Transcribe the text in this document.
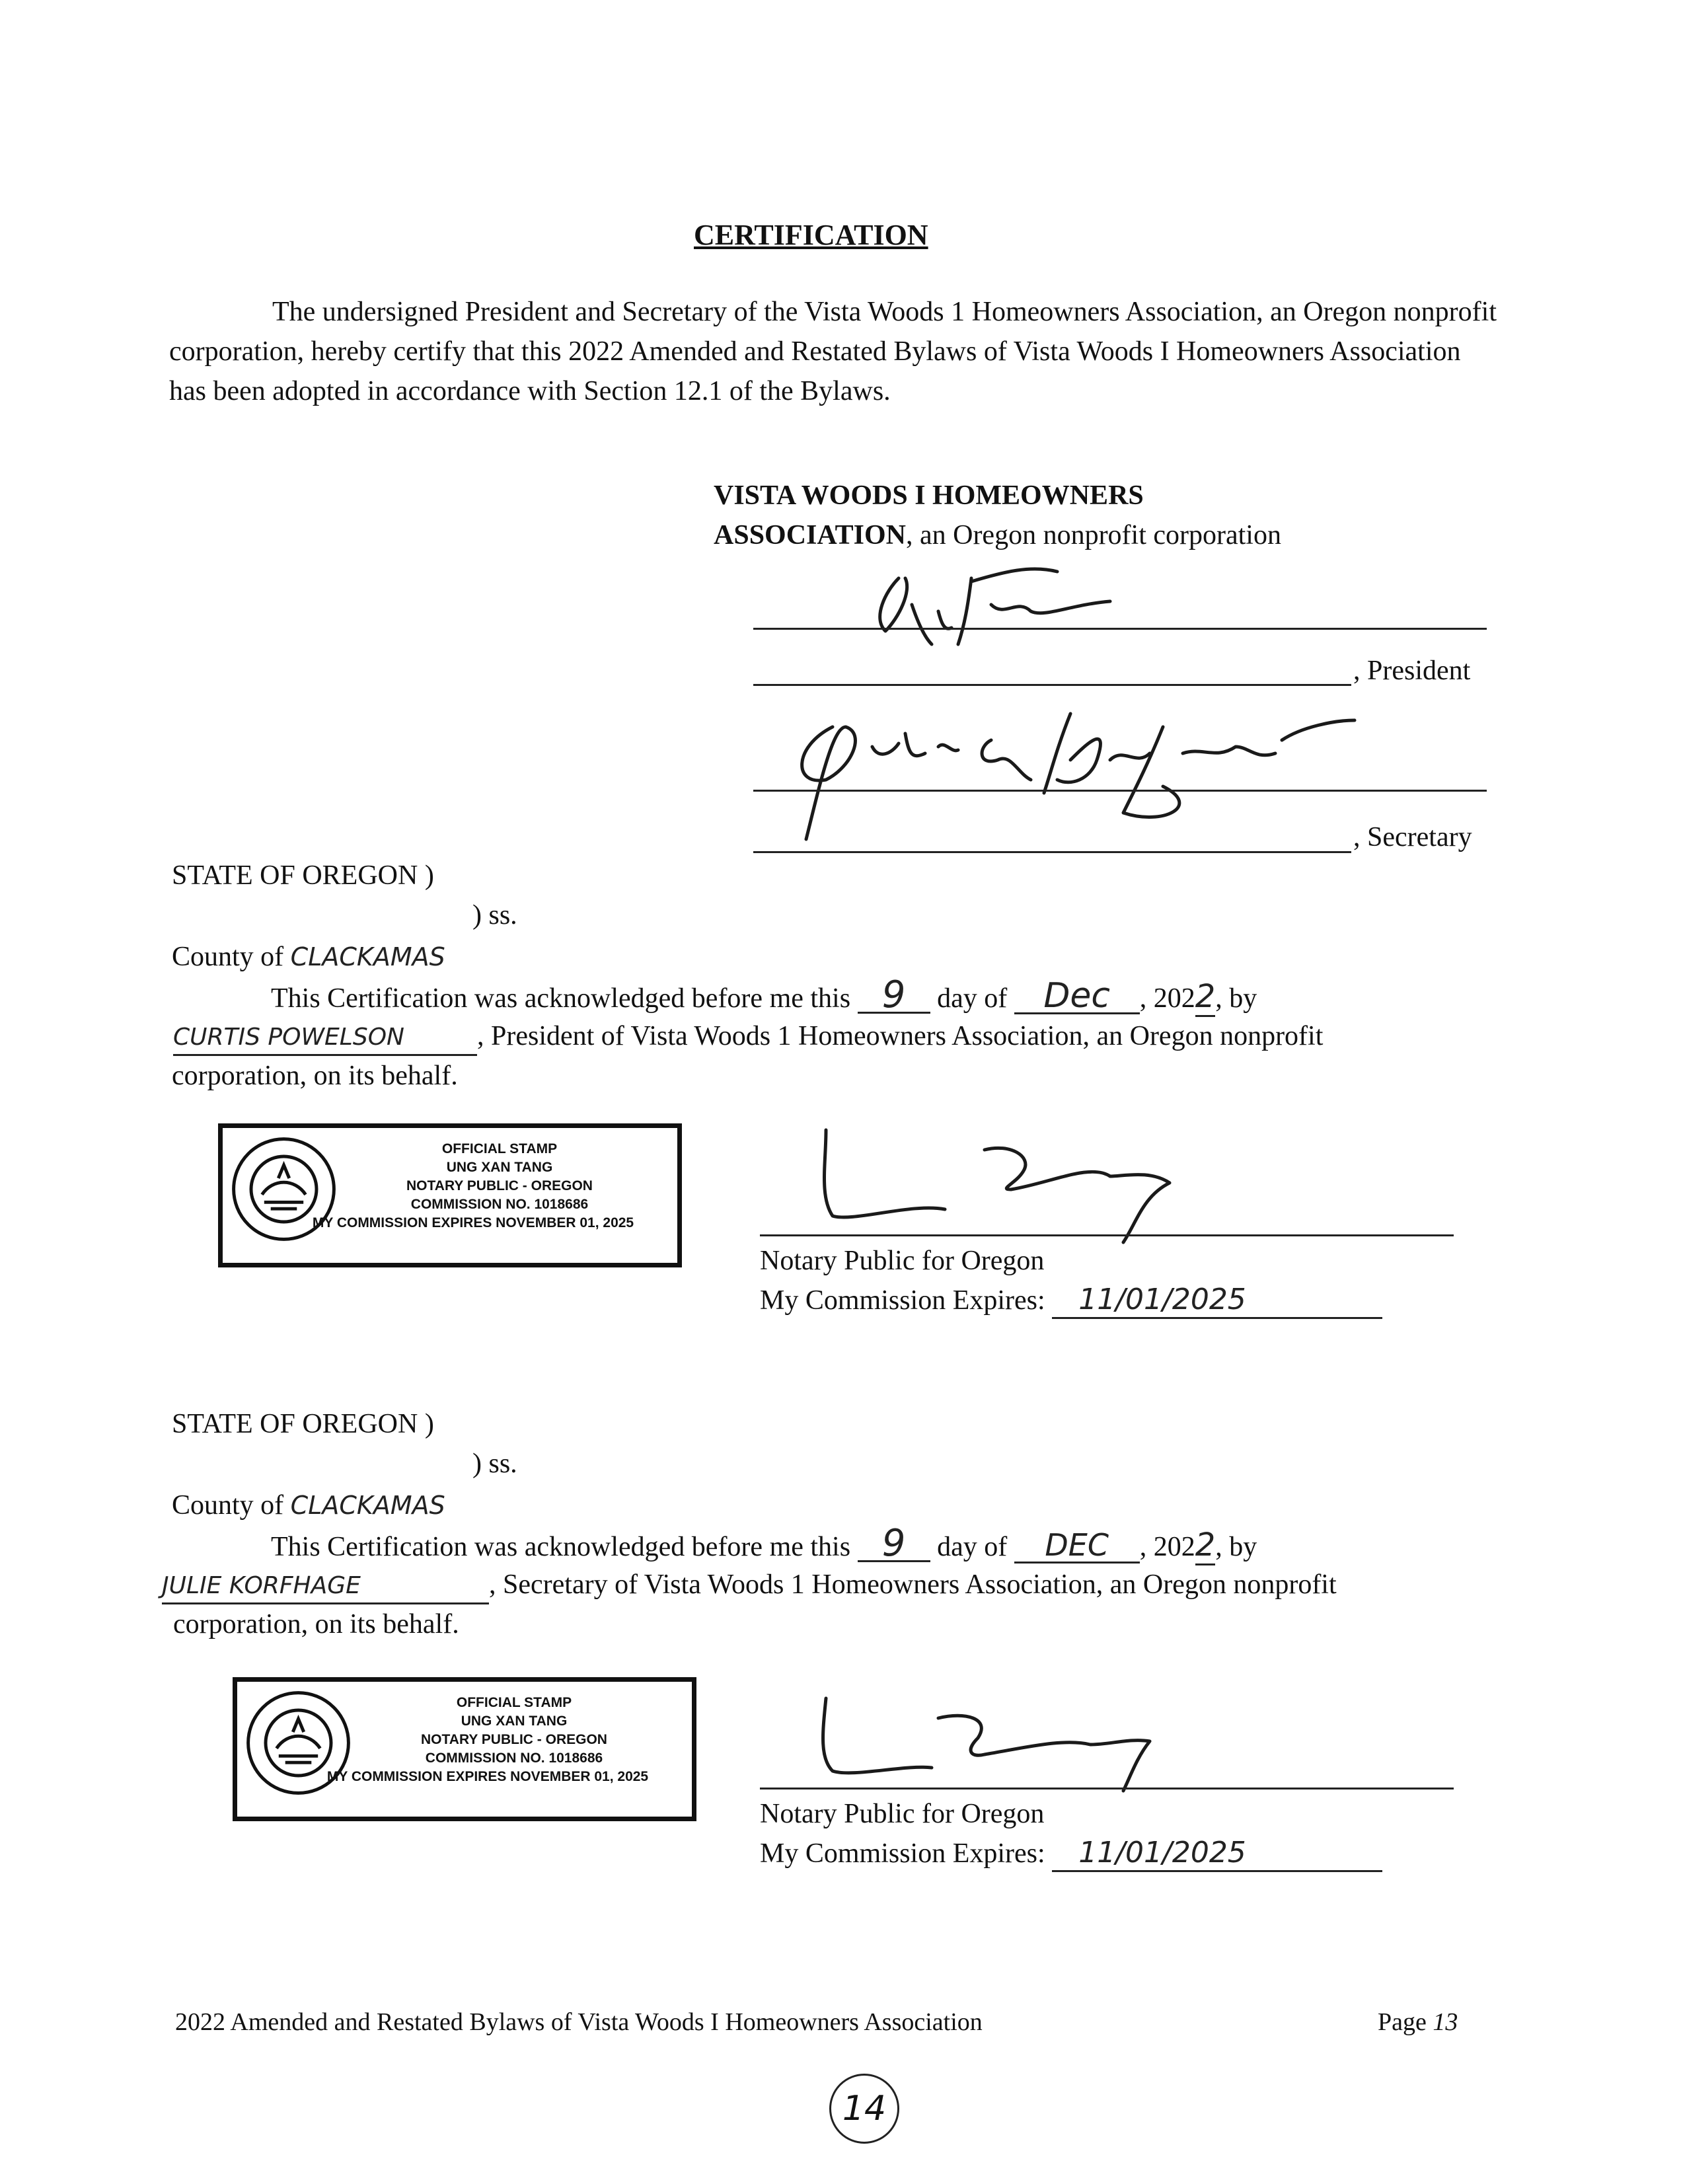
CERTIFICATION
The undersigned President and Secretary of the Vista Woods 1 Homeowners Association, an Oregon nonprofit corporation, hereby certify that this 2022 Amended and Restated Bylaws of Vista Woods I Homeowners Association has been adopted in accordance with Section 12.1 of the Bylaws.
VISTA WOODS I HOMEOWNERS
ASSOCIATION, an Oregon nonprofit corporation
, President
, Secretary
STATE OF OREGON )
) ss.
County of CLACKAMAS
This Certification was acknowledged before me this 9 day of Dec , 2022, by
CURTIS POWELSON	, President of Vista Woods 1 Homeowners Association, an Oregon nonprofit
corporation, on its behalf.
OFFICIAL STAMP
UNG XAN TANG
NOTARY PUBLIC - OREGON
COMMISSION NO. 1018686
MY COMMISSION EXPIRES NOVEMBER 01, 2025
Notary Public for Oregon
My Commission Expires: 11/01/2025
STATE OF OREGON )
) ss.
County of CLACKAMAS
This Certification was acknowledged before me this 9 day of DEC , 2022, by
JULIE KORFHAGE	, Secretary of Vista Woods 1 Homeowners Association, an Oregon nonprofit
corporation, on its behalf.
OFFICIAL STAMP
UNG XAN TANG
NOTARY PUBLIC - OREGON
COMMISSION NO. 1018686
MY COMMISSION EXPIRES NOVEMBER 01, 2025
Notary Public for Oregon
My Commission Expires: 11/01/2025
2022 Amended and Restated Bylaws of Vista Woods I Homeowners Association	Page 13
14
